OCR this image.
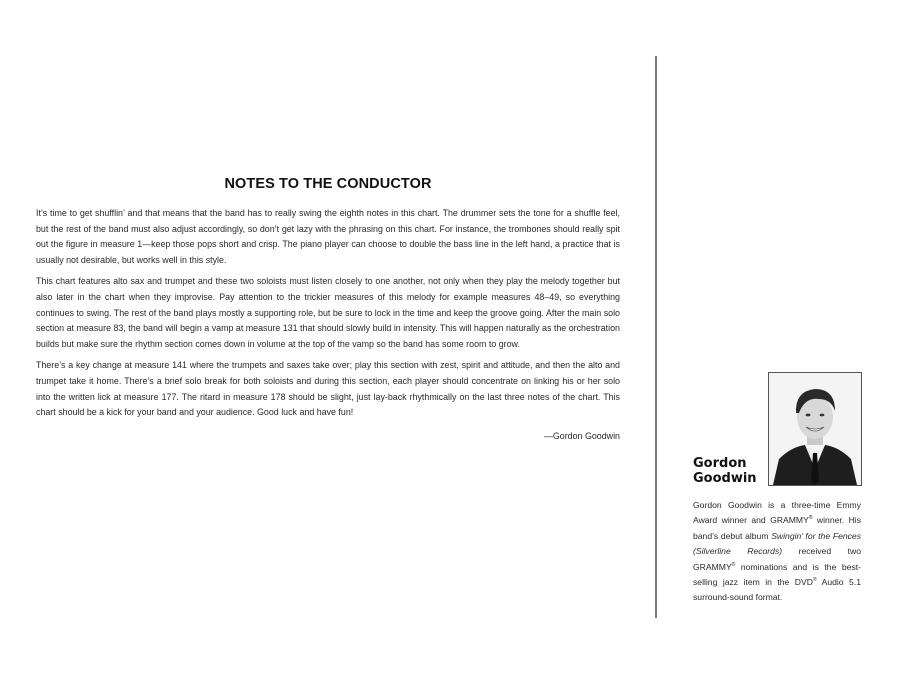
NOTES TO THE CONDUCTOR

It’s time to get shufflin’ and that means that the band has to really swing the eighth notes in this chart. The drummer sets the tone for a shuffle feel, but the rest of the band must also adjust accordingly, so don’t get lazy with the phrasing on this chart. For instance, the trombones should really spit out the figure in measure 1—keep those pops short and crisp. The piano player can choose to double the bass line in the left hand, a practice that is usually not desirable, but works well in this style.

This chart features alto sax and trumpet and these two soloists must listen closely to one another, not only when they play the melody together but also later in the chart when they improvise. Pay attention to the trickier measures of this melody for example measures 48–49, so everything continues to swing. The rest of the band plays mostly a supporting role, but be sure to lock in the time and keep the groove going. After the main solo section at measure 83, the band will begin a vamp at measure 131 that should slowly build in intensity. This will happen naturally as the orchestration builds but make sure the rhythm section comes down in volume at the top of the vamp so the band has some room to grow.

There’s a key change at measure 141 where the trumpets and saxes take over; play this section with zest, spirit and attitude, and then the alto and trumpet take it home. There’s a brief solo break for both soloists and during this section, each player should concentrate on linking his or her solo into the written lick at measure 177. The ritard in measure 178 should be slight, just lay-back rhythmically on the last three notes of the chart. This chart should be a kick for your band and your audience. Good luck and have fun!

—Gordon Goodwin
Gordon
Goodwin
Gordon Goodwin is a three-time Emmy Award winner and GRAMMY® winner. His band’s debut album Swingin’ for the Fences (Silverline Records) received two GRAMMY® nominations and is the best-selling jazz item in the DVD® Audio 5.1 surround-sound format.
